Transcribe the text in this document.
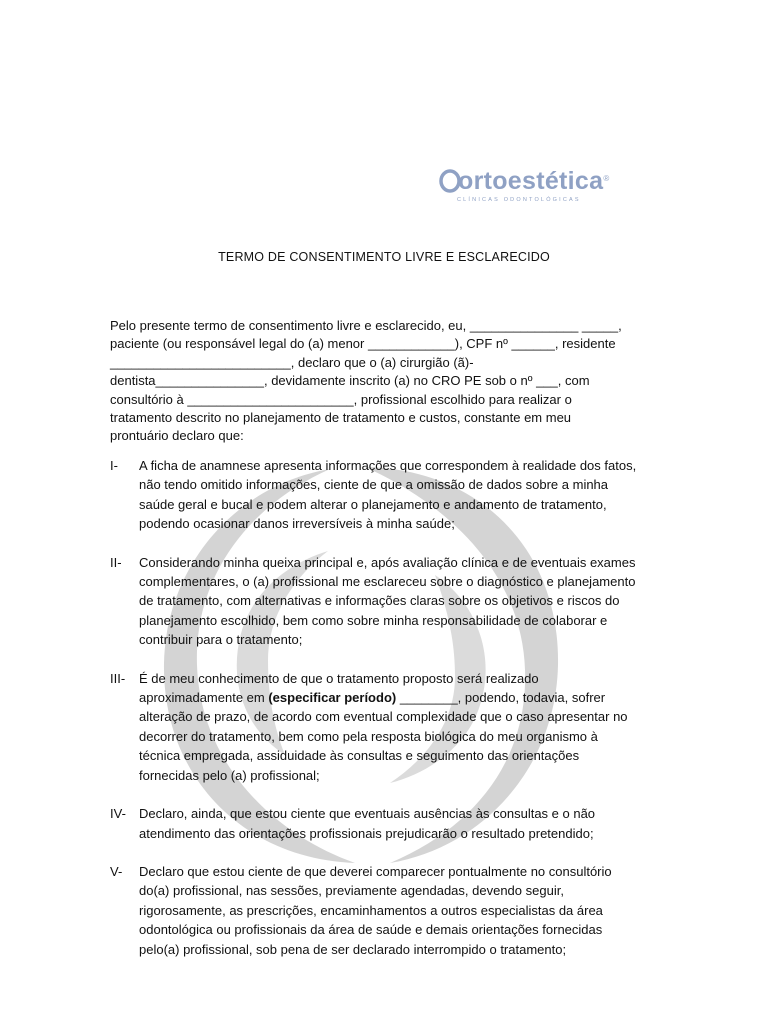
ortoestética®
CLÍNICAS ODONTOLÓGICAS
TERMO DE CONSENTIMENTO LIVRE E ESCLARECIDO

Pelo presente termo de consentimento livre e esclarecido, eu, _______________ _____, paciente (ou responsável legal do (a) menor ____________), CPF nº ______, residente _________________________, declaro que o (a) cirurgião (ã)-dentista_______________, devidamente inscrito (a) no CRO PE sob o nº ___, com consultório à _______________________, profissional escolhido para realizar o tratamento descrito no planejamento de tratamento e custos, constante em meu prontuário declaro que:

I- A ficha de anamnese apresenta informações que correspondem à realidade dos fatos, não tendo omitido informações, ciente de que a omissão de dados sobre a minha saúde geral e bucal e podem alterar o planejamento e andamento de tratamento, podendo ocasionar danos irreversíveis à minha saúde;
II- Considerando minha queixa principal e, após avaliação clínica e de eventuais exames complementares, o (a) profissional me esclareceu sobre o diagnóstico e planejamento de tratamento, com alternativas e informações claras sobre os objetivos e riscos do planejamento escolhido, bem como sobre minha responsabilidade de colaborar e contribuir para o tratamento;
III- É de meu conhecimento de que o tratamento proposto será realizado aproximadamente em (especificar período) ________, podendo, todavia, sofrer alteração de prazo, de acordo com eventual complexidade que o caso apresentar no decorrer do tratamento, bem como pela resposta biológica do meu organismo à técnica empregada, assiduidade às consultas e seguimento das orientações fornecidas pelo (a) profissional;
IV- Declaro, ainda, que estou ciente que eventuais ausências às consultas e o não atendimento das orientações profissionais prejudicarão o resultado pretendido;
V- Declaro que estou ciente de que deverei comparecer pontualmente no consultório do(a) profissional, nas sessões, previamente agendadas, devendo seguir, rigorosamente, as prescrições, encaminhamentos a outros especialistas da área odontológica ou profissionais da área de saúde e demais orientações fornecidas pelo(a) profissional, sob pena de ser declarado interrompido o tratamento;
